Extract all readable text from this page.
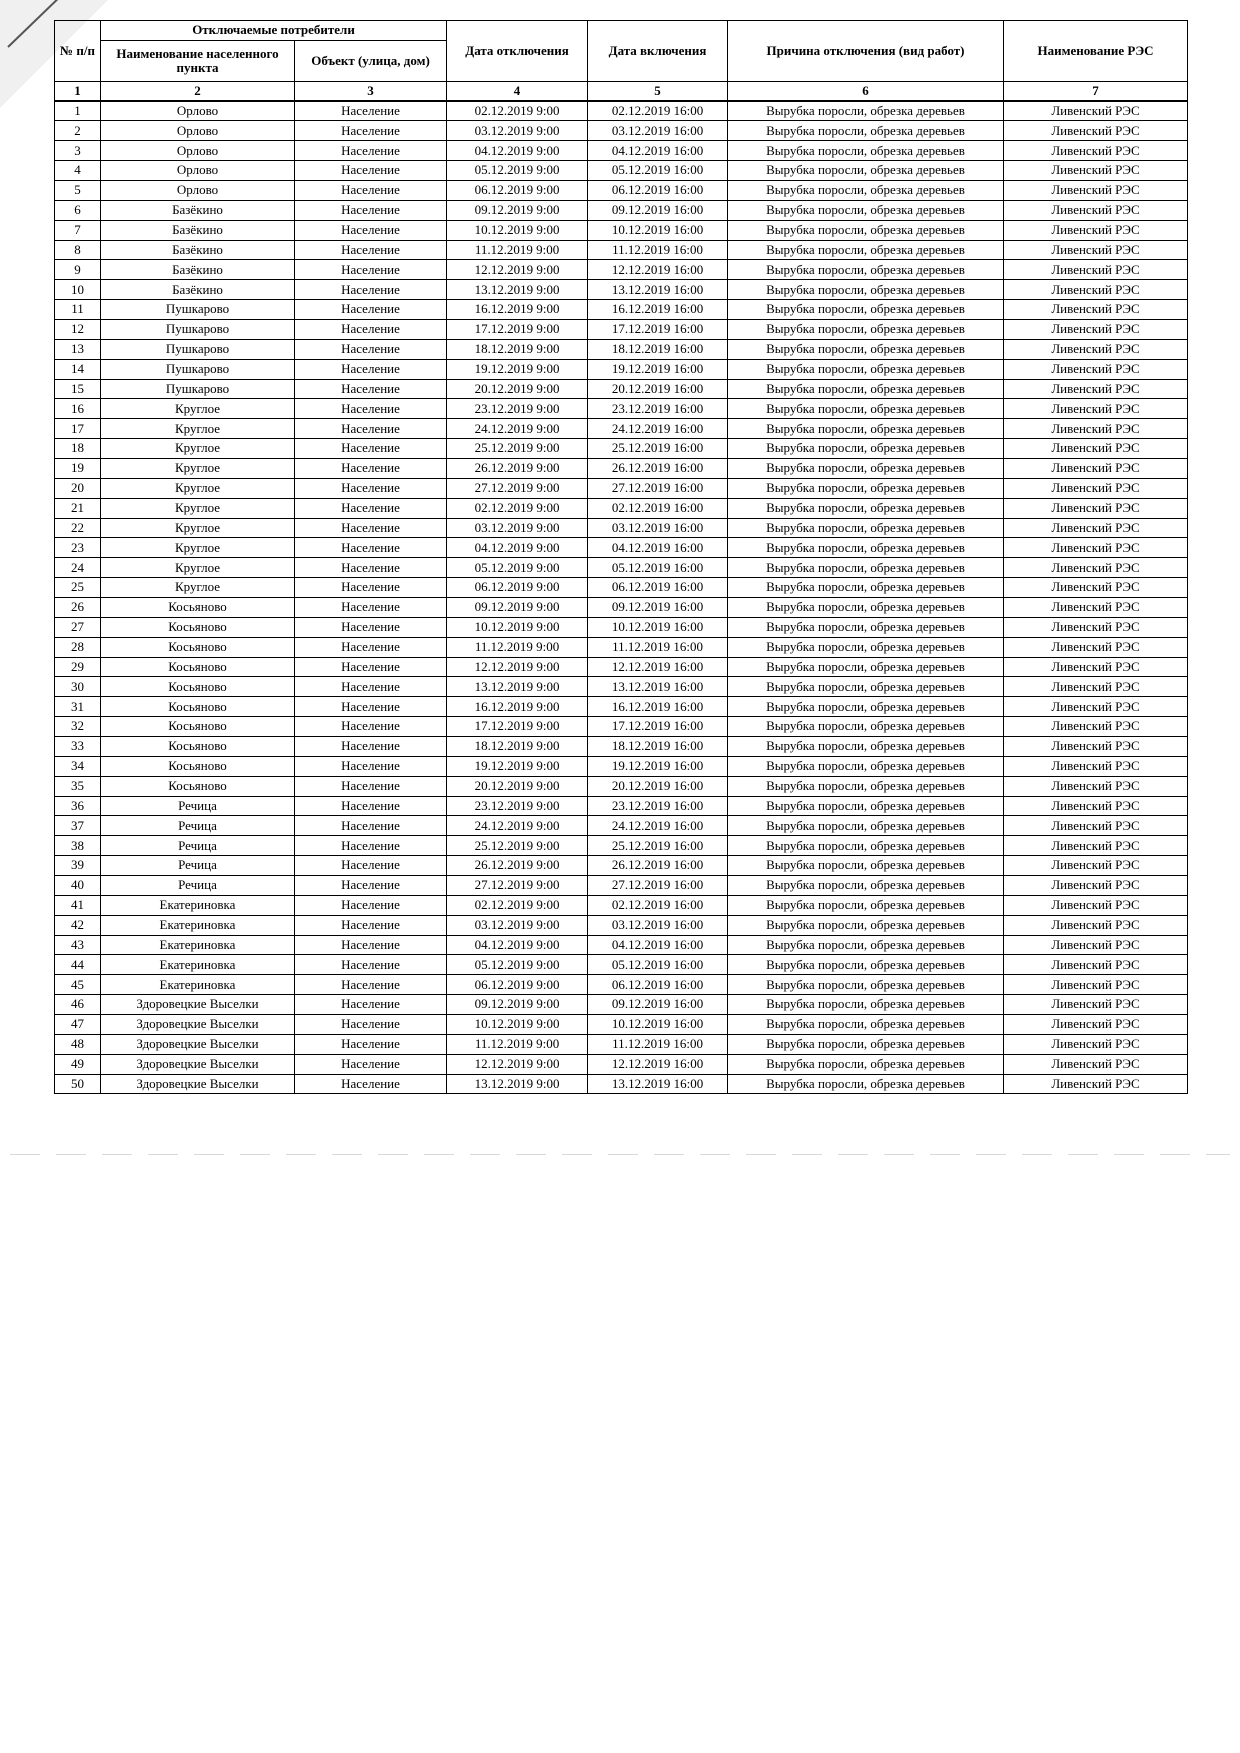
№ п/п	Отключаемые потребители		Дата отключения	Дата включения	Причина отключения (вид работ)	Наименование РЭС
	Наименование населенного пункта	Объект (улица, дом)				
1	2	3	4	5	6	7
1	Орлово	Население	02.12.2019 9:00	02.12.2019 16:00	Вырубка поросли, обрезка деревьев	Ливенский РЭС
2	Орлово	Население	03.12.2019 9:00	03.12.2019 16:00	Вырубка поросли, обрезка деревьев	Ливенский РЭС
3	Орлово	Население	04.12.2019 9:00	04.12.2019 16:00	Вырубка поросли, обрезка деревьев	Ливенский РЭС
4	Орлово	Население	05.12.2019 9:00	05.12.2019 16:00	Вырубка поросли, обрезка деревьев	Ливенский РЭС
5	Орлово	Население	06.12.2019 9:00	06.12.2019 16:00	Вырубка поросли, обрезка деревьев	Ливенский РЭС
6	Базёкино	Население	09.12.2019 9:00	09.12.2019 16:00	Вырубка поросли, обрезка деревьев	Ливенский РЭС
7	Базёкино	Население	10.12.2019 9:00	10.12.2019 16:00	Вырубка поросли, обрезка деревьев	Ливенский РЭС
8	Базёкино	Население	11.12.2019 9:00	11.12.2019 16:00	Вырубка поросли, обрезка деревьев	Ливенский РЭС
9	Базёкино	Население	12.12.2019 9:00	12.12.2019 16:00	Вырубка поросли, обрезка деревьев	Ливенский РЭС
10	Базёкино	Население	13.12.2019 9:00	13.12.2019 16:00	Вырубка поросли, обрезка деревьев	Ливенский РЭС
11	Пушкарово	Население	16.12.2019 9:00	16.12.2019 16:00	Вырубка поросли, обрезка деревьев	Ливенский РЭС
12	Пушкарово	Население	17.12.2019 9:00	17.12.2019 16:00	Вырубка поросли, обрезка деревьев	Ливенский РЭС
13	Пушкарово	Население	18.12.2019 9:00	18.12.2019 16:00	Вырубка поросли, обрезка деревьев	Ливенский РЭС
14	Пушкарово	Население	19.12.2019 9:00	19.12.2019 16:00	Вырубка поросли, обрезка деревьев	Ливенский РЭС
15	Пушкарово	Население	20.12.2019 9:00	20.12.2019 16:00	Вырубка поросли, обрезка деревьев	Ливенский РЭС
16	Круглое	Население	23.12.2019 9:00	23.12.2019 16:00	Вырубка поросли, обрезка деревьев	Ливенский РЭС
17	Круглое	Население	24.12.2019 9:00	24.12.2019 16:00	Вырубка поросли, обрезка деревьев	Ливенский РЭС
18	Круглое	Население	25.12.2019 9:00	25.12.2019 16:00	Вырубка поросли, обрезка деревьев	Ливенский РЭС
19	Круглое	Население	26.12.2019 9:00	26.12.2019 16:00	Вырубка поросли, обрезка деревьев	Ливенский РЭС
20	Круглое	Население	27.12.2019 9:00	27.12.2019 16:00	Вырубка поросли, обрезка деревьев	Ливенский РЭС
21	Круглое	Население	02.12.2019 9:00	02.12.2019 16:00	Вырубка поросли, обрезка деревьев	Ливенский РЭС
22	Круглое	Население	03.12.2019 9:00	03.12.2019 16:00	Вырубка поросли, обрезка деревьев	Ливенский РЭС
23	Круглое	Население	04.12.2019 9:00	04.12.2019 16:00	Вырубка поросли, обрезка деревьев	Ливенский РЭС
24	Круглое	Население	05.12.2019 9:00	05.12.2019 16:00	Вырубка поросли, обрезка деревьев	Ливенский РЭС
25	Круглое	Население	06.12.2019 9:00	06.12.2019 16:00	Вырубка поросли, обрезка деревьев	Ливенский РЭС
26	Косьяново	Население	09.12.2019 9:00	09.12.2019 16:00	Вырубка поросли, обрезка деревьев	Ливенский РЭС
27	Косьяново	Население	10.12.2019 9:00	10.12.2019 16:00	Вырубка поросли, обрезка деревьев	Ливенский РЭС
28	Косьяново	Население	11.12.2019 9:00	11.12.2019 16:00	Вырубка поросли, обрезка деревьев	Ливенский РЭС
29	Косьяново	Население	12.12.2019 9:00	12.12.2019 16:00	Вырубка поросли, обрезка деревьев	Ливенский РЭС
30	Косьяново	Население	13.12.2019 9:00	13.12.2019 16:00	Вырубка поросли, обрезка деревьев	Ливенский РЭС
31	Косьяново	Население	16.12.2019 9:00	16.12.2019 16:00	Вырубка поросли, обрезка деревьев	Ливенский РЭС
32	Косьяново	Население	17.12.2019 9:00	17.12.2019 16:00	Вырубка поросли, обрезка деревьев	Ливенский РЭС
33	Косьяново	Население	18.12.2019 9:00	18.12.2019 16:00	Вырубка поросли, обрезка деревьев	Ливенский РЭС
34	Косьяново	Население	19.12.2019 9:00	19.12.2019 16:00	Вырубка поросли, обрезка деревьев	Ливенский РЭС
35	Косьяново	Население	20.12.2019 9:00	20.12.2019 16:00	Вырубка поросли, обрезка деревьев	Ливенский РЭС
36	Речица	Население	23.12.2019 9:00	23.12.2019 16:00	Вырубка поросли, обрезка деревьев	Ливенский РЭС
37	Речица	Население	24.12.2019 9:00	24.12.2019 16:00	Вырубка поросли, обрезка деревьев	Ливенский РЭС
38	Речица	Население	25.12.2019 9:00	25.12.2019 16:00	Вырубка поросли, обрезка деревьев	Ливенский РЭС
39	Речица	Население	26.12.2019 9:00	26.12.2019 16:00	Вырубка поросли, обрезка деревьев	Ливенский РЭС
40	Речица	Население	27.12.2019 9:00	27.12.2019 16:00	Вырубка поросли, обрезка деревьев	Ливенский РЭС
41	Екатериновка	Население	02.12.2019 9:00	02.12.2019 16:00	Вырубка поросли, обрезка деревьев	Ливенский РЭС
42	Екатериновка	Население	03.12.2019 9:00	03.12.2019 16:00	Вырубка поросли, обрезка деревьев	Ливенский РЭС
43	Екатериновка	Население	04.12.2019 9:00	04.12.2019 16:00	Вырубка поросли, обрезка деревьев	Ливенский РЭС
44	Екатериновка	Население	05.12.2019 9:00	05.12.2019 16:00	Вырубка поросли, обрезка деревьев	Ливенский РЭС
45	Екатериновка	Население	06.12.2019 9:00	06.12.2019 16:00	Вырубка поросли, обрезка деревьев	Ливенский РЭС
46	Здоровецкие Выселки	Население	09.12.2019 9:00	09.12.2019 16:00	Вырубка поросли, обрезка деревьев	Ливенский РЭС
47	Здоровецкие Выселки	Население	10.12.2019 9:00	10.12.2019 16:00	Вырубка поросли, обрезка деревьев	Ливенский РЭС
48	Здоровецкие Выселки	Население	11.12.2019 9:00	11.12.2019 16:00	Вырубка поросли, обрезка деревьев	Ливенский РЭС
49	Здоровецкие Выселки	Население	12.12.2019 9:00	12.12.2019 16:00	Вырубка поросли, обрезка деревьев	Ливенский РЭС
50	Здоровецкие Выселки	Население	13.12.2019 9:00	13.12.2019 16:00	Вырубка поросли, обрезка деревьев	Ливенский РЭС
